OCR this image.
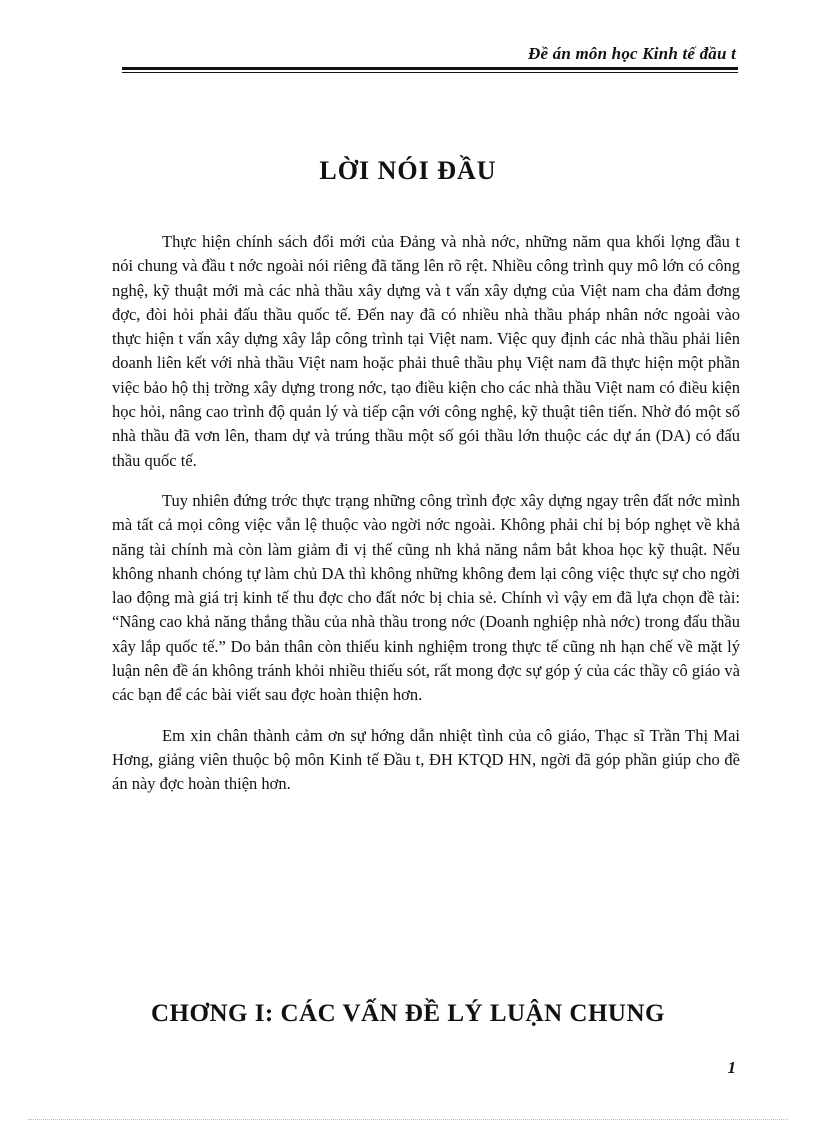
Đề án môn học Kinh tế đầu t
LỜI NÓI ĐẦU

Thực hiện chính sách đổi mới của Đảng và nhà nớc, những năm qua khối lợng đầu t nói chung và đầu t nớc ngoài nói riêng đã tăng lên rõ rệt. Nhiều công trình quy mô lớn có công nghệ, kỹ thuật mới mà các nhà thầu xây dựng và t vấn xây dựng của Việt nam cha đảm đơng đợc, đòi hỏi phải đấu thầu quốc tế. Đến nay đã có nhiều nhà thầu pháp nhân nớc ngoài vào thực hiện t vấn xây dựng xây lắp công trình tại Việt nam. Việc quy định các nhà thầu phải liên doanh liên kết với nhà thầu Việt nam hoặc phải thuê thầu phụ Việt nam đã thực hiện một phần việc bảo hộ thị trờng xây dựng trong nớc, tạo điều kiện cho các nhà thầu Việt nam có điều kiện học hỏi, nâng cao trình độ quản lý và tiếp cận với công nghệ, kỹ thuật tiên tiến. Nhờ đó một số nhà thầu đã vơn lên, tham dự và trúng thầu một số gói thầu lớn thuộc các dự án (DA) có đấu thầu quốc tế.

Tuy nhiên đứng trớc thực trạng những công trình đợc xây dựng ngay trên đất nớc mình mà tất cả mọi công việc vẫn lệ thuộc vào ngời nớc ngoài. Không phải chỉ bị bóp nghẹt về khả năng tài chính mà còn làm giảm đi vị thế cũng nh khả năng nắm bắt khoa học kỹ thuật. Nếu không nhanh chóng tự làm chủ DA thì không những không đem lại công việc thực sự cho ngời lao động mà giá trị kinh tế thu đợc cho đất nớc bị chia sẻ. Chính vì vậy em đã lựa chọn đề tài: “Nâng cao khả năng thắng thầu của nhà thầu trong nớc (Doanh nghiệp nhà nớc) trong đấu thầu xây lắp quốc tế.” Do bản thân còn thiếu kinh nghiệm trong thực tế cũng nh hạn chế về mặt lý luận nên đề án không tránh khỏi nhiều thiếu sót, rất mong đợc sự góp ý của các thầy cô giáo và các bạn để các bài viết sau đợc hoàn thiện hơn.

Em xin chân thành cảm ơn sự hớng dẫn nhiệt tình của cô giáo, Thạc sĩ Trần Thị Mai Hơng, giảng viên thuộc bộ môn Kinh tế Đầu t, ĐH KTQD HN, ngời đã góp phần giúp cho đề án này đợc hoàn thiện hơn.

CHƠNG I: CÁC VẤN ĐỀ LÝ LUẬN CHUNG
1
